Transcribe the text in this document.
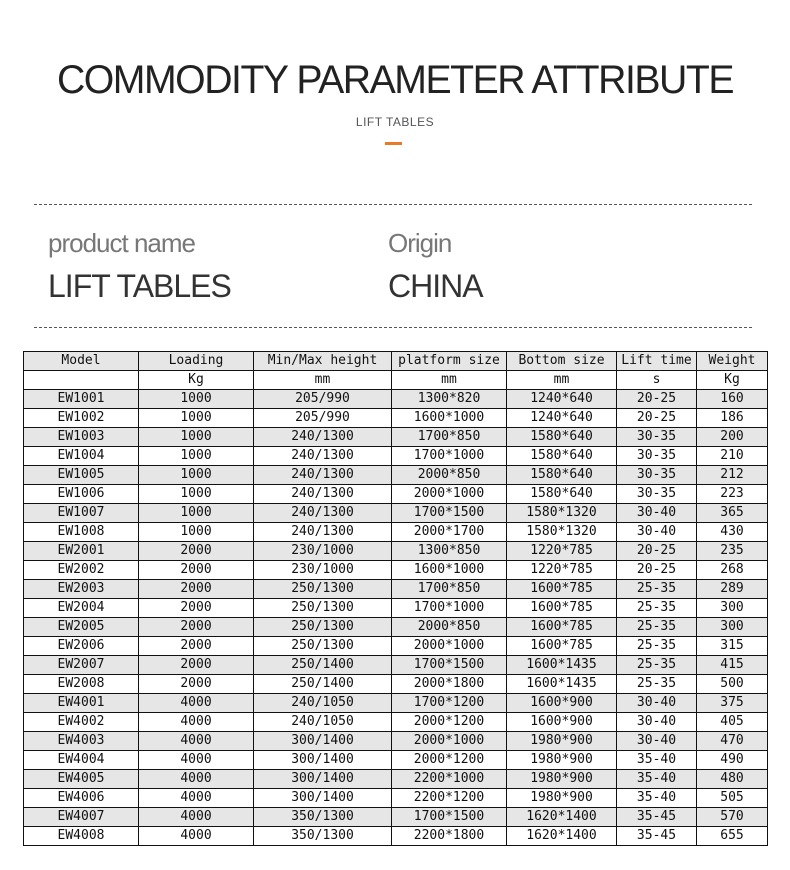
COMMODITY PARAMETER ATTRIBUTE
LIFT TABLES
product name
LIFT TABLES
Origin
CHINA
Model	Loading	Min/Max height	platform size	Bottom size	Lift time	Weight
	Kg	mm	mm	mm	s	Kg
EW1001	1000	205/990	1300*820	1240*640	20-25	160
EW1002	1000	205/990	1600*1000	1240*640	20-25	186
EW1003	1000	240/1300	1700*850	1580*640	30-35	200
EW1004	1000	240/1300	1700*1000	1580*640	30-35	210
EW1005	1000	240/1300	2000*850	1580*640	30-35	212
EW1006	1000	240/1300	2000*1000	1580*640	30-35	223
EW1007	1000	240/1300	1700*1500	1580*1320	30-40	365
EW1008	1000	240/1300	2000*1700	1580*1320	30-40	430
EW2001	2000	230/1000	1300*850	1220*785	20-25	235
EW2002	2000	230/1000	1600*1000	1220*785	20-25	268
EW2003	2000	250/1300	1700*850	1600*785	25-35	289
EW2004	2000	250/1300	1700*1000	1600*785	25-35	300
EW2005	2000	250/1300	2000*850	1600*785	25-35	300
EW2006	2000	250/1300	2000*1000	1600*785	25-35	315
EW2007	2000	250/1400	1700*1500	1600*1435	25-35	415
EW2008	2000	250/1400	2000*1800	1600*1435	25-35	500
EW4001	4000	240/1050	1700*1200	1600*900	30-40	375
EW4002	4000	240/1050	2000*1200	1600*900	30-40	405
EW4003	4000	300/1400	2000*1000	1980*900	30-40	470
EW4004	4000	300/1400	2000*1200	1980*900	35-40	490
EW4005	4000	300/1400	2200*1000	1980*900	35-40	480
EW4006	4000	300/1400	2200*1200	1980*900	35-40	505
EW4007	4000	350/1300	1700*1500	1620*1400	35-45	570
EW4008	4000	350/1300	2200*1800	1620*1400	35-45	655
